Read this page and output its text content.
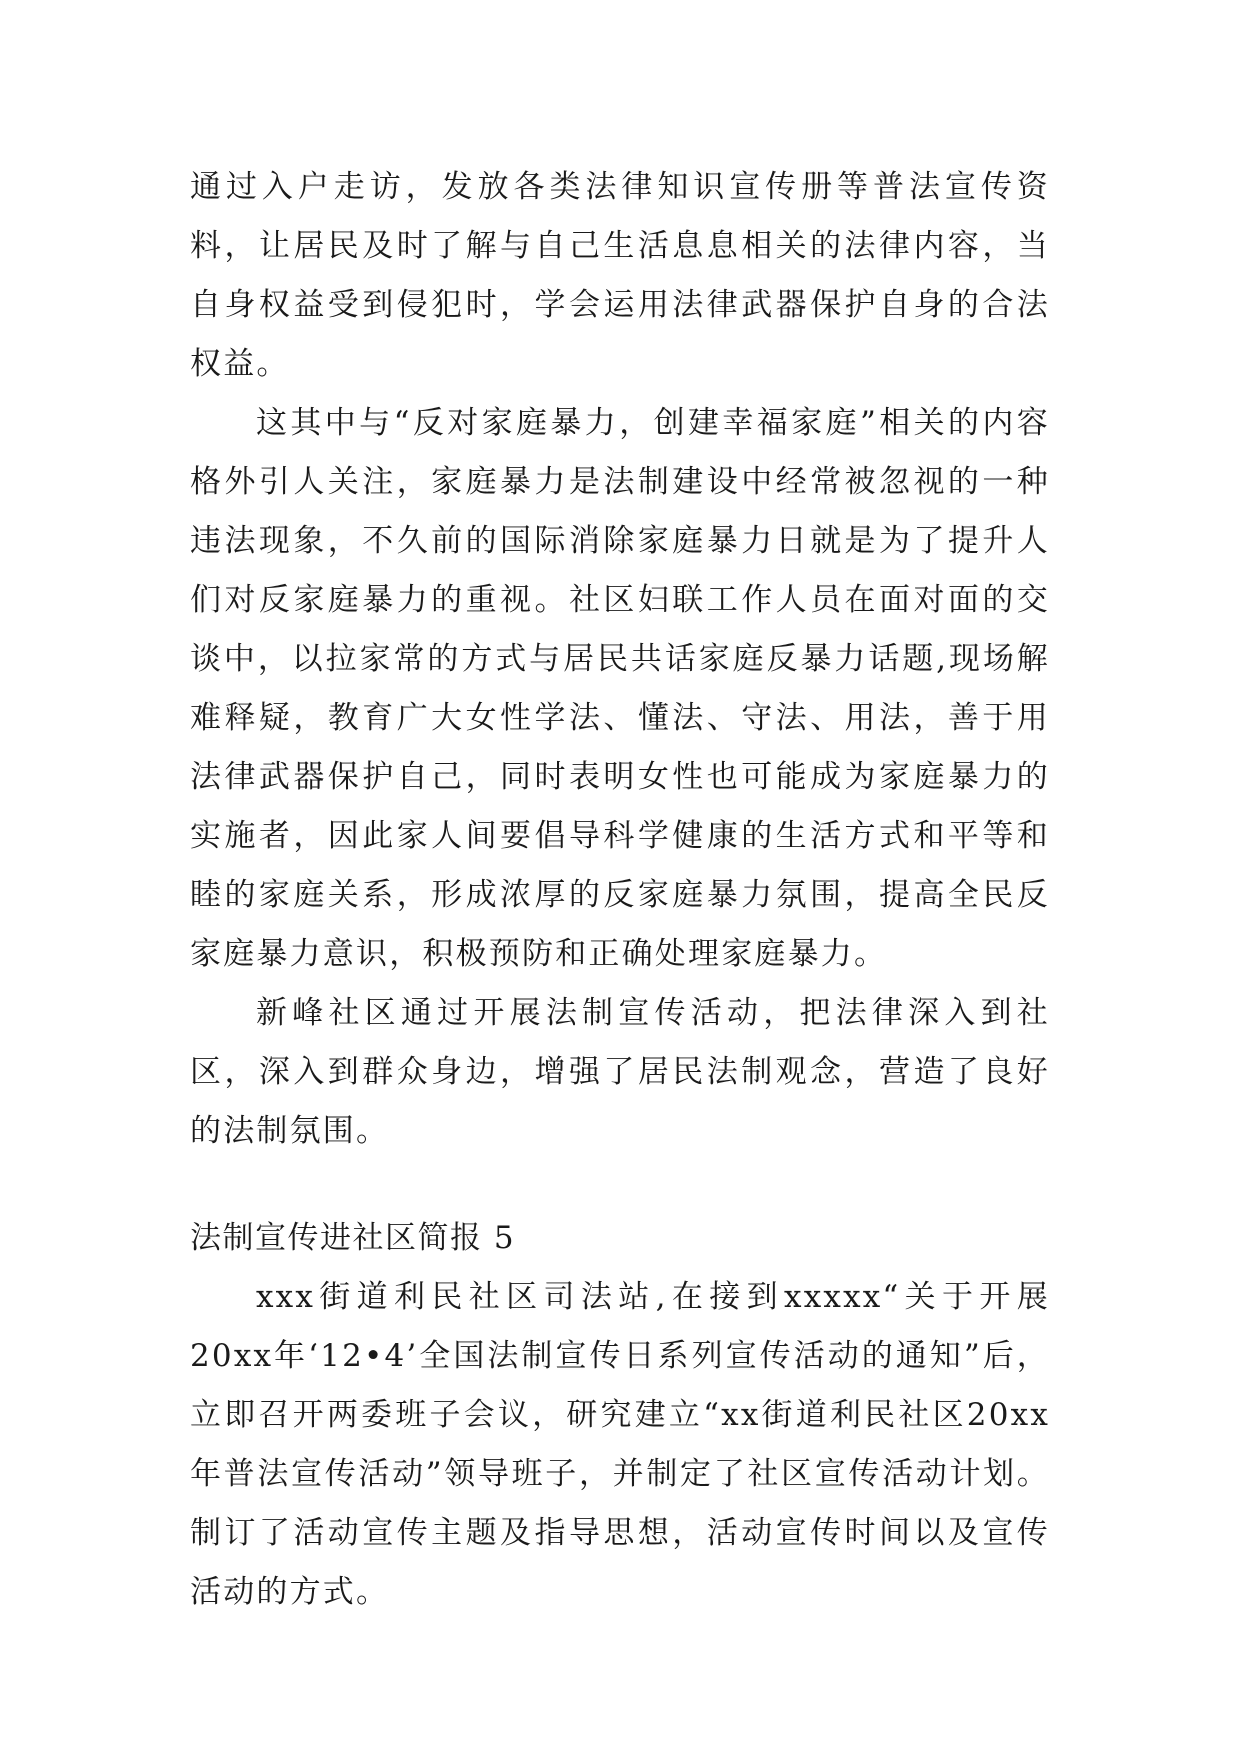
通过入户走访，发放各类法律知识宣传册等普法宣传资料，让居民及时了解与自己生活息息相关的法律内容，当自身权益受到侵犯时，学会运用法律武器保护自身的合法权益。

这其中与“反对家庭暴力，创建幸福家庭”相关的内容格外引人关注，家庭暴力是法制建设中经常被忽视的一种违法现象，不久前的国际消除家庭暴力日就是为了提升人们对反家庭暴力的重视。社区妇联工作人员在面对面的交谈中，以拉家常的方式与居民共话家庭反暴力话题,现场解难释疑，教育广大女性学法、懂法、守法、用法，善于用法律武器保护自己，同时表明女性也可能成为家庭暴力的实施者，因此家人间要倡导科学健康的生活方式和平等和睦的家庭关系，形成浓厚的反家庭暴力氛围，提高全民反家庭暴力意识，积极预防和正确处理家庭暴力。

新峰社区通过开展法制宣传活动，把法律深入到社区，深入到群众身边，增强了居民法制观念，营造了良好的法制氛围。

法制宣传进社区简报 5

xxx街道利民社区司法站,在接到xxxxx“关于开展20xx年‘12•4’全国法制宣传日系列宣传活动的通知”后，立即召开两委班子会议，研究建立“xx街道利民社区20xx年普法宣传活动”领导班子，并制定了社区宣传活动计划。制订了活动宣传主题及指导思想，活动宣传时间以及宣传活动的方式。
